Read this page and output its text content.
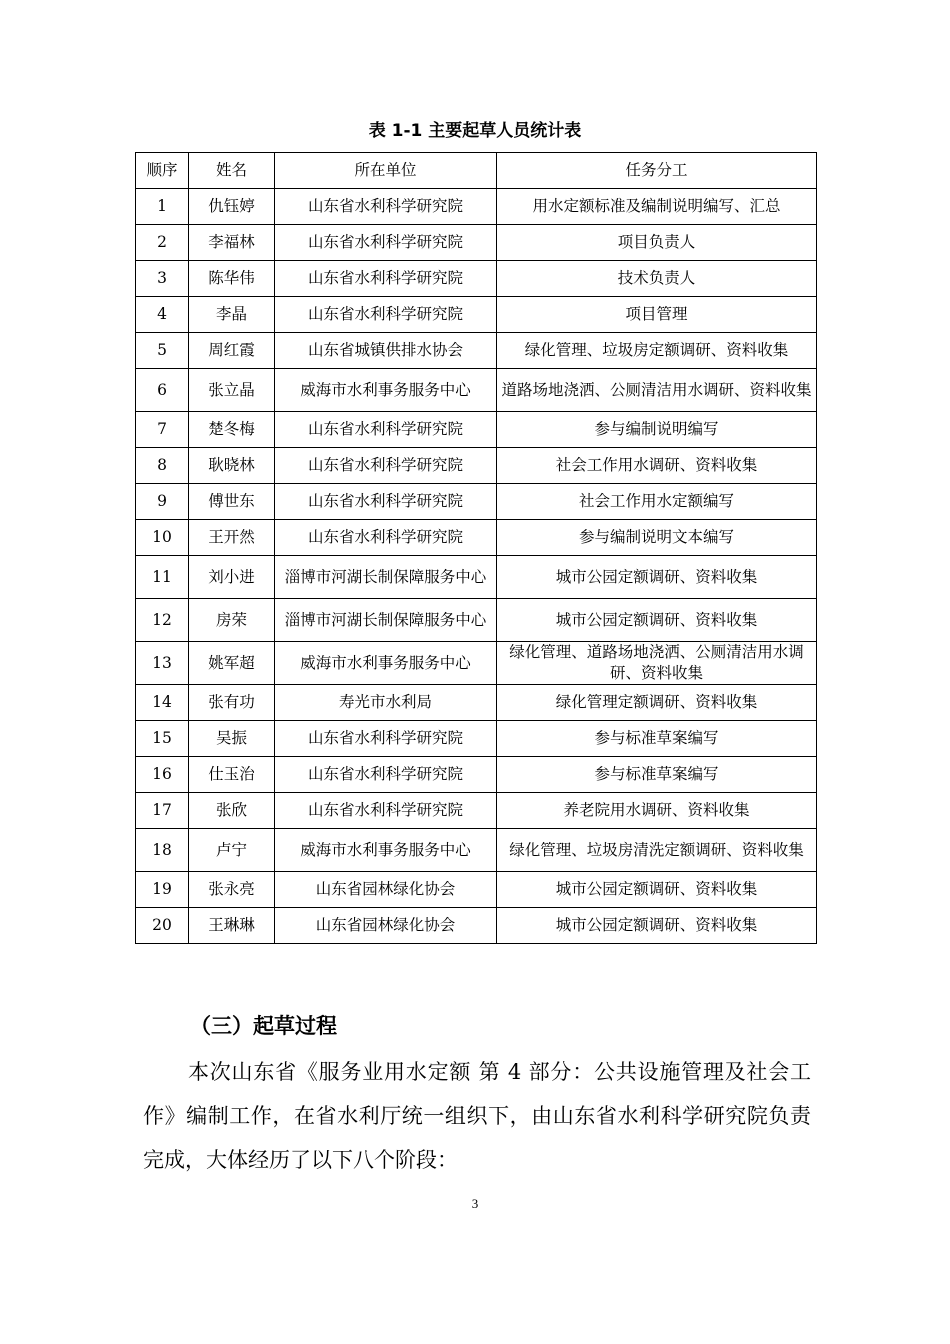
表 1-1 主要起草人员统计表
顺序	姓名	所在单位	任务分工
1	仇钰婷	山东省水利科学研究院	用水定额标准及编制说明编写、汇总
2	李福林	山东省水利科学研究院	项目负责人
3	陈华伟	山东省水利科学研究院	技术负责人
4	李晶	山东省水利科学研究院	项目管理
5	周红霞	山东省城镇供排水协会	绿化管理、垃圾房定额调研、资料收集
6	张立晶	威海市水利事务服务中心	道路场地浇洒、公厕清洁用水调研、资料收集
7	楚冬梅	山东省水利科学研究院	参与编制说明编写
8	耿晓林	山东省水利科学研究院	社会工作用水调研、资料收集
9	傅世东	山东省水利科学研究院	社会工作用水定额编写
10	王开然	山东省水利科学研究院	参与编制说明文本编写
11	刘小进	淄博市河湖长制保障服务中心	城市公园定额调研、资料收集
12	房荣	淄博市河湖长制保障服务中心	城市公园定额调研、资料收集
13	姚军超	威海市水利事务服务中心	绿化管理、道路场地浇洒、公厕清洁用水调研、资料收集
14	张有功	寿光市水利局	绿化管理定额调研、资料收集
15	吴振	山东省水利科学研究院	参与标准草案编写
16	仕玉治	山东省水利科学研究院	参与标准草案编写
17	张欣	山东省水利科学研究院	养老院用水调研、资料收集
18	卢宁	威海市水利事务服务中心	绿化管理、垃圾房清洗定额调研、资料收集
19	张永亮	山东省园林绿化协会	城市公园定额调研、资料收集
20	王琳琳	山东省园林绿化协会	城市公园定额调研、资料收集
（三）起草过程
本次山东省《服务业用水定额 第 4 部分：公共设施管理及社会工作》编制工作，在省水利厅统一组织下，由山东省水利科学研究院负责完成，大体经历了以下八个阶段：
3
